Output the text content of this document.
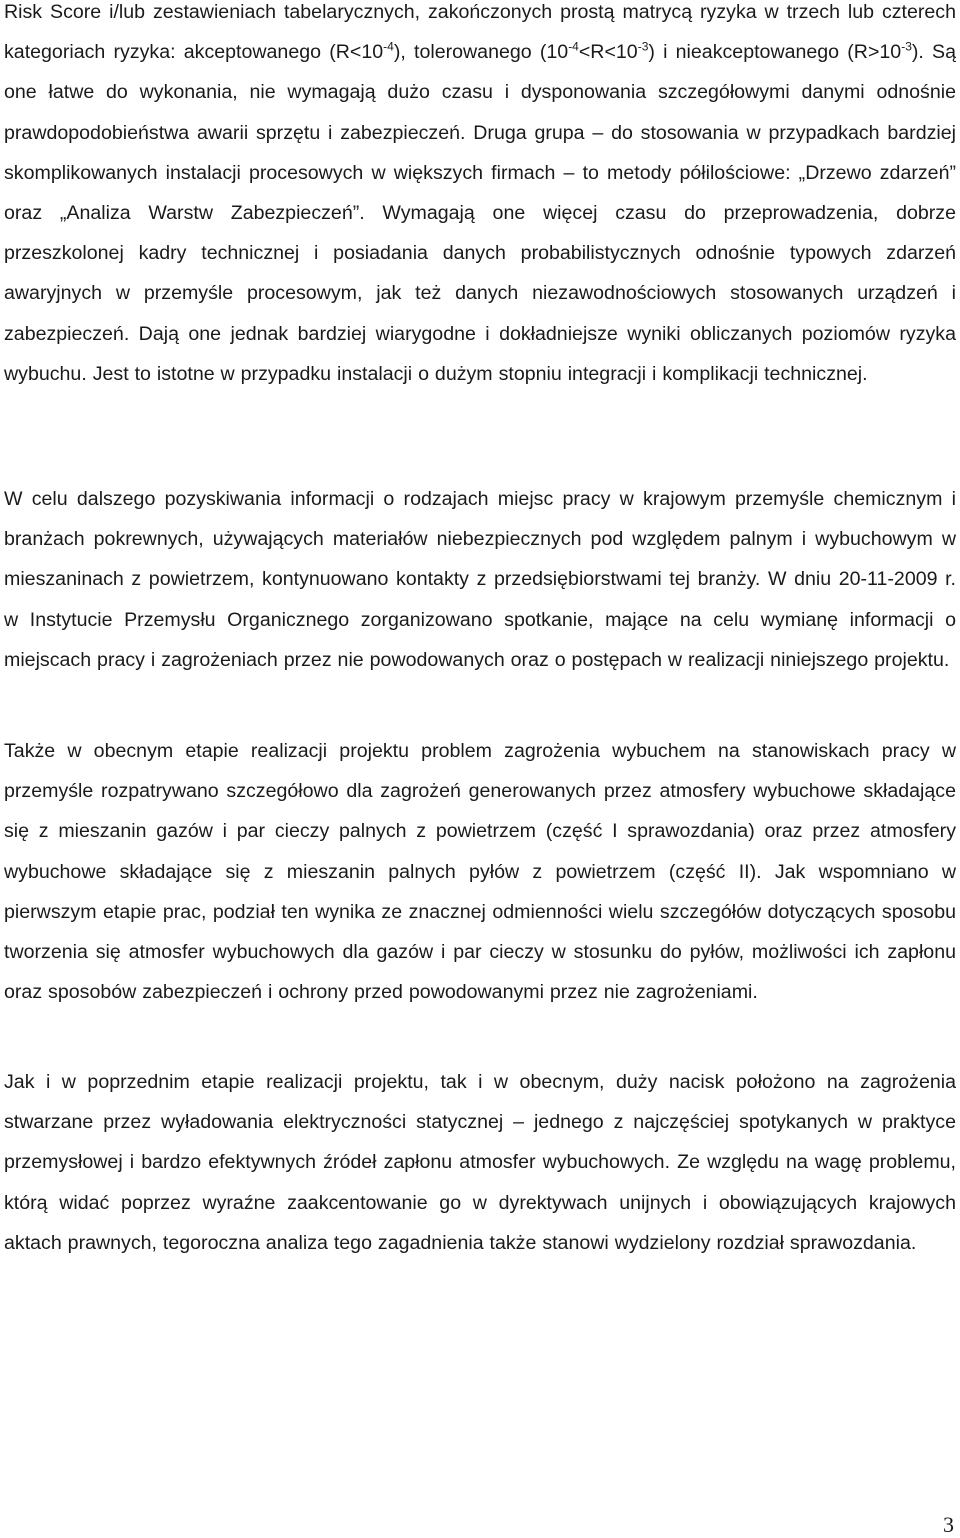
Risk Score i/lub zestawieniach tabelarycznych, zakończonych prostą matrycą ryzyka w trzech lub czterech kategoriach ryzyka: akceptowanego $(R<10^{-4})$, tolerowanego $(10^{-4}<R<10^{-3})$ i nieakceptowanego $(R>10^{-3})$. Są one łatwe do wykonania, nie wymagają dużo czasu i dysponowania szczegółowymi danymi odnośnie prawdopodobieństwa awarii sprzętu i zabezpieczeń. Druga grupa – do stosowania w przypadkach bardziej skomplikowanych instalacji procesowych w większych firmach – to metody półilościowe: „Drzewo zdarzeń” oraz „Analiza Warstw Zabezpieczeń”. Wymagają one więcej czasu do przeprowadzenia, dobrze przeszkolonej kadry technicznej i posiadania danych probabilistycznych odnośnie typowych zdarzeń awaryjnych w przemyśle procesowym, jak też danych niezawodnościowych stosowanych urządzeń i zabezpieczeń. Dają one jednak bardziej wiarygodne i dokładniejsze wyniki obliczanych poziomów ryzyka wybuchu. Jest to istotne w przypadku instalacji o dużym stopniu integracji i komplikacji technicznej.
W celu dalszego pozyskiwania informacji o rodzajach miejsc pracy w krajowym przemyśle chemicznym i branżach pokrewnych, używających materiałów niebezpiecznych pod względem palnym i wybuchowym w mieszaninach z powietrzem, kontynuowano kontakty z przedsiębiorstwami tej branży. W dniu 20-11-2009 r. w Instytucie Przemysłu Organicznego zorganizowano spotkanie, mające na celu wymianę informacji o miejscach pracy i zagrożeniach przez nie powodowanych oraz o postępach w realizacji niniejszego projektu.
Także w obecnym etapie realizacji projektu problem zagrożenia wybuchem na stanowiskach pracy w przemyśle rozpatrywano szczegółowo dla zagrożeń generowanych przez atmosfery wybuchowe składające się z mieszanin gazów i par cieczy palnych z powietrzem (część I sprawozdania) oraz przez atmosfery wybuchowe składające się z mieszanin palnych pyłów z powietrzem (część II). Jak wspomniano w pierwszym etapie prac, podział ten wynika ze znacznej odmienności wielu szczegółów dotyczących sposobu tworzenia się atmosfer wybuchowych dla gazów i par cieczy w stosunku do pyłów, możliwości ich zapłonu oraz sposobów zabezpieczeń i ochrony przed powodowanymi przez nie zagrożeniami.
Jak i w poprzednim etapie realizacji projektu, tak i w obecnym, duży nacisk położono na zagrożenia stwarzane przez wyładowania elektryczności statycznej – jednego z najczęściej spotykanych w praktyce przemysłowej i bardzo efektywnych źródeł zapłonu atmosfer wybuchowych. Ze względu na wagę problemu, którą widać poprzez wyraźne zaakcentowanie go w dyrektywach unijnych i obowiązujących krajowych aktach prawnych, tegoroczna analiza tego zagadnienia także stanowi wydzielony rozdział sprawozdania.
3
